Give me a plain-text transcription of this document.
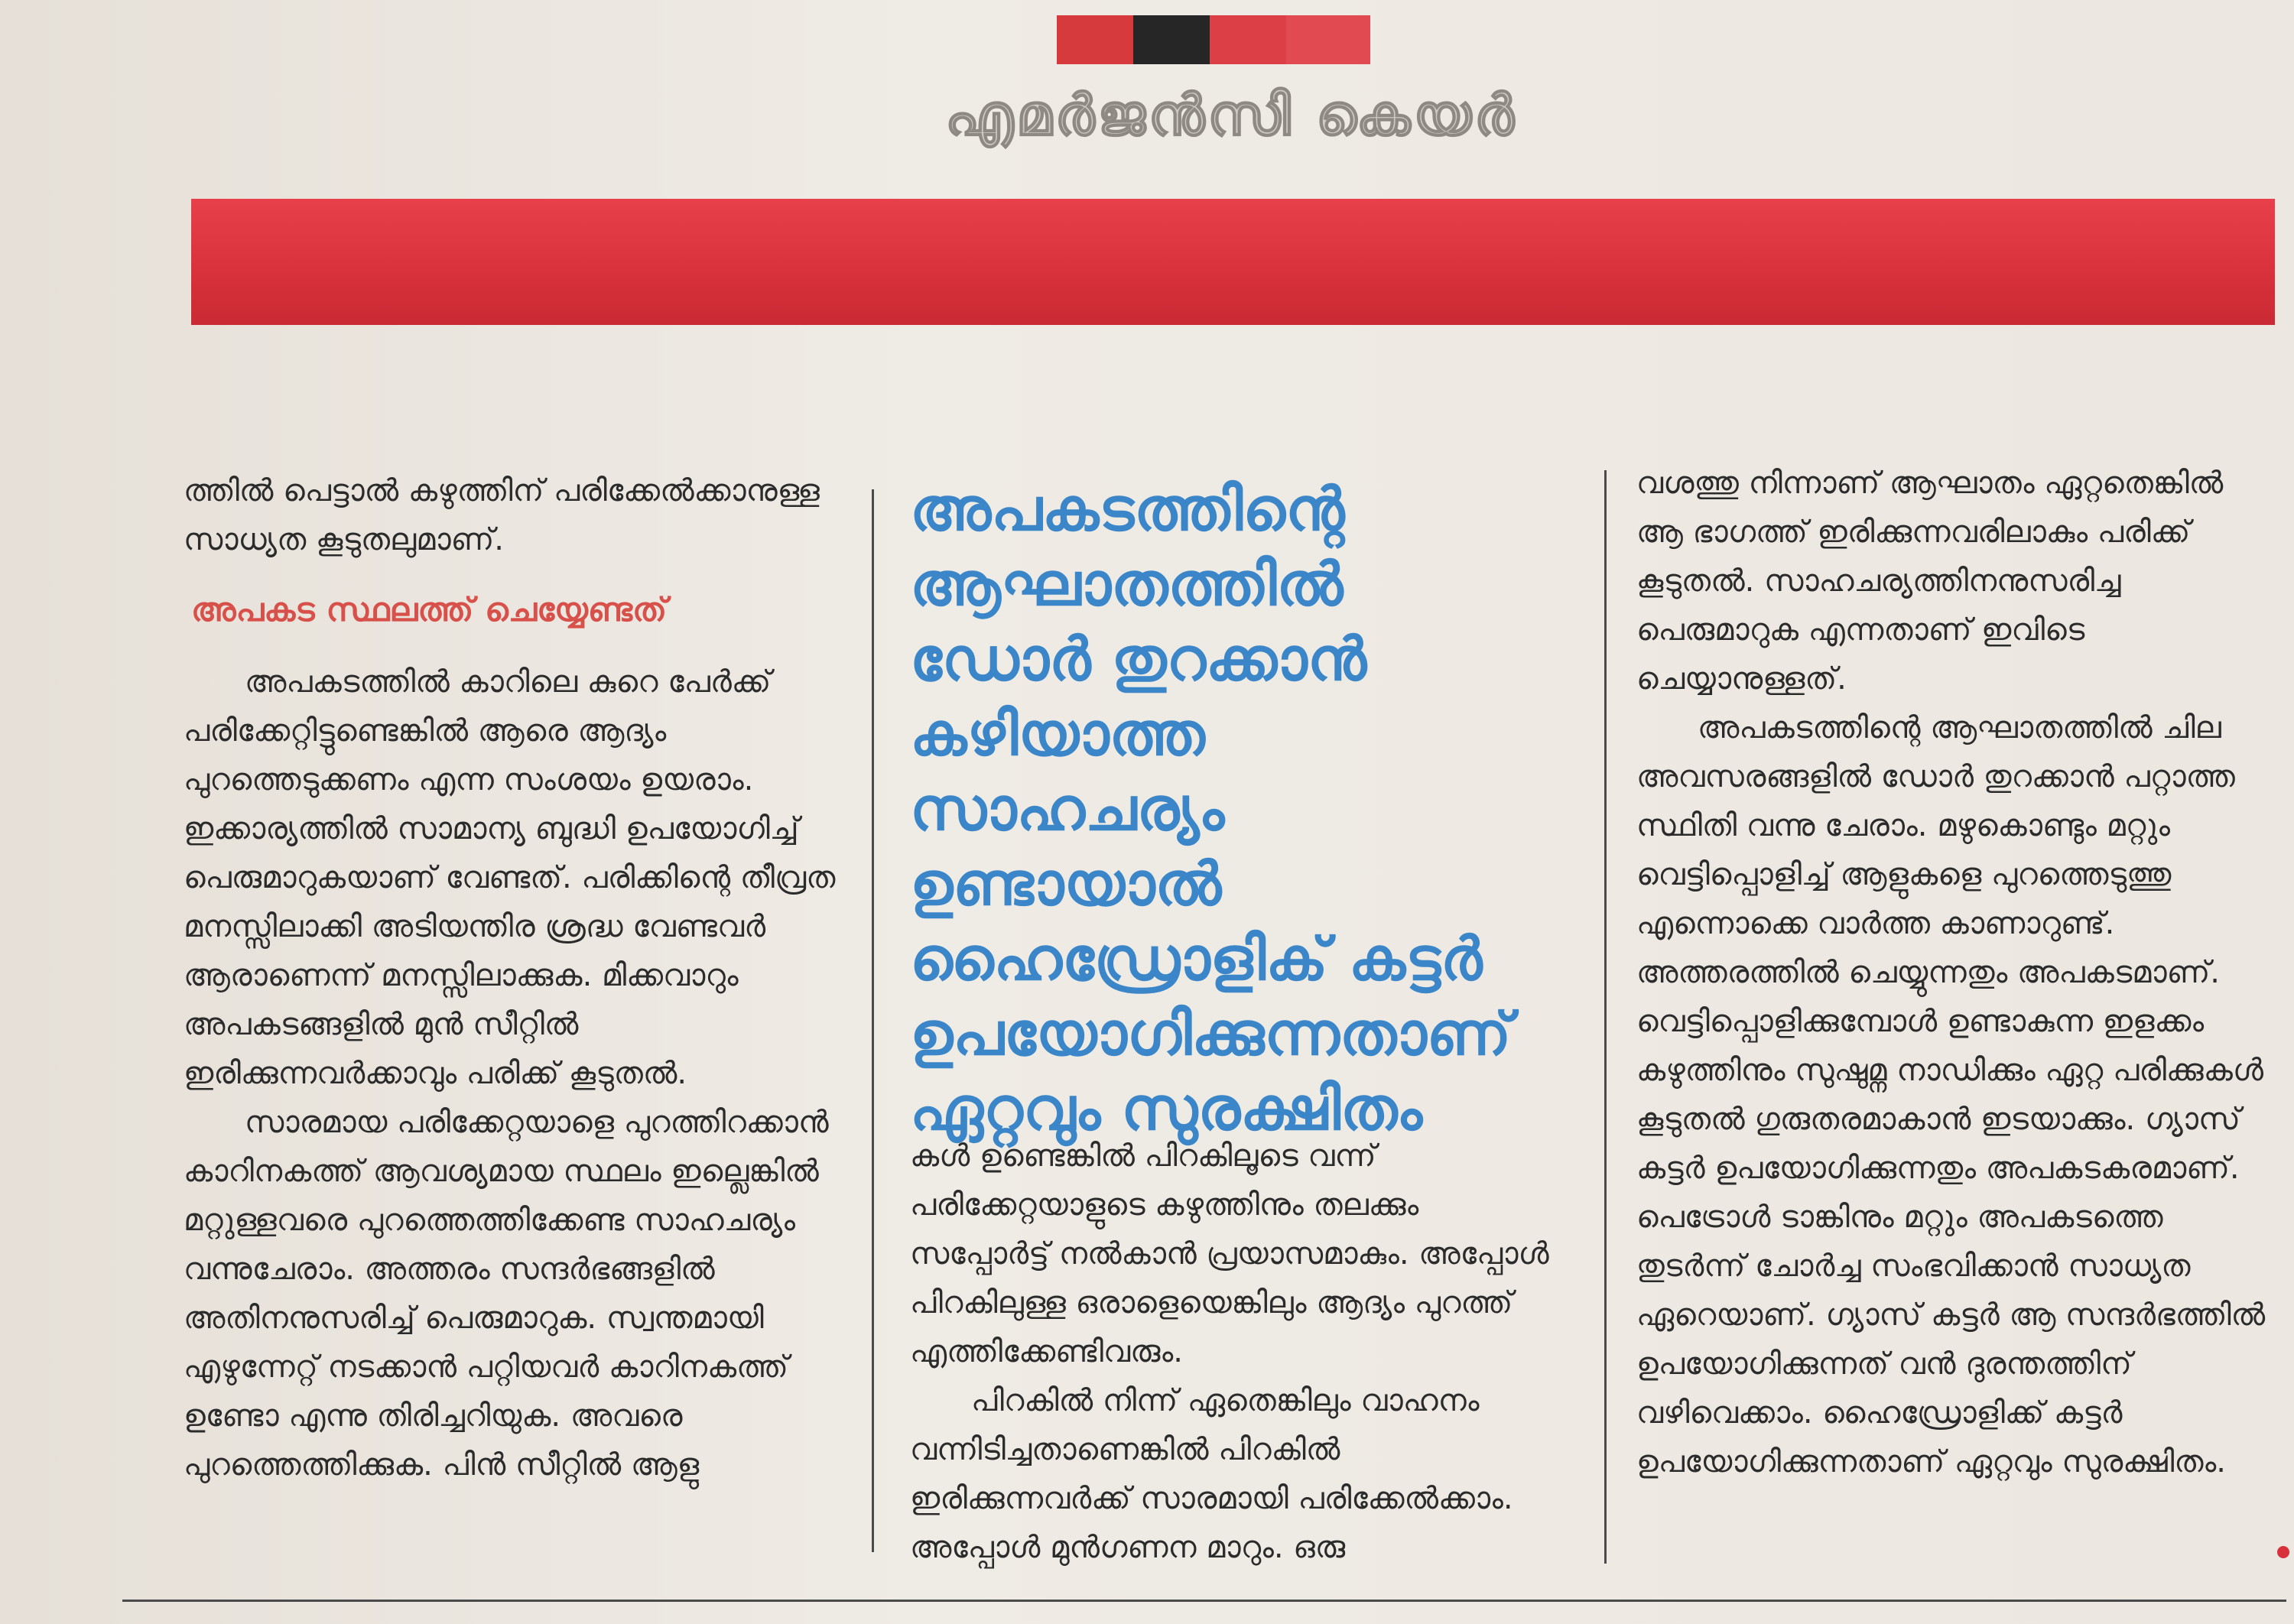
എമർജൻസി കെയർ

ത്തിൽ പെട്ടാൽ കഴുത്തിന് പരിക്കേൽക്കാനുള്ള സാധ്യത കൂടുതലുമാണ്.

അപകട സ്ഥലത്ത് ചെയ്യേണ്ടത്

അപകടത്തിൽ കാറിലെ കുറെ പേർക്ക് പരിക്കേറ്റിട്ടുണ്ടെങ്കിൽ ആരെ ആദ്യം പുറത്തെടുക്കണം എന്ന സംശയം ഉയരാം. ഇക്കാര്യത്തിൽ സാമാന്യ ബുദ്ധി ഉപയോഗിച്ച് പെരുമാറുകയാണ് വേണ്ടത്. പരിക്കിന്റെ തീവ്രത മനസ്സിലാക്കി അടിയന്തിര ശ്രദ്ധ വേണ്ടവർ ആരാണെന്ന് മനസ്സിലാക്കുക. മിക്കവാറും അപകടങ്ങളിൽ മുൻ സീറ്റിൽ ഇരിക്കുന്നവർക്കാവും പരിക്ക് കൂടുതൽ.

സാരമായ പരിക്കേറ്റയാളെ പുറത്തിറക്കാൻ കാറിനകത്ത് ആവശ്യമായ സ്ഥലം ഇല്ലെങ്കിൽ മറ്റുള്ളവരെ പുറത്തെത്തിക്കേണ്ട സാഹചര്യം വന്നുചേരാം. അത്തരം സന്ദർഭങ്ങളിൽ അതിനനുസരിച്ച് പെരുമാറുക. സ്വന്തമായി എഴുന്നേറ്റ് നടക്കാൻ പറ്റിയവർ കാറിനകത്ത് ഉണ്ടോ എന്നു തിരിച്ചറിയുക. അവരെ പുറത്തെത്തിക്കുക. പിൻ സീറ്റിൽ ആളു

അപകടത്തിന്റെ ആഘാതത്തിൽ ഡോർ തുറക്കാൻ കഴിയാത്ത സാഹചര്യം ഉണ്ടായാൽ ഹൈഡ്രോളിക് കട്ടർ ഉപയോഗിക്കുന്നതാണ് ഏറ്റവും സുരക്ഷിതം

കൾ ഉണ്ടെങ്കിൽ പിറകിലൂടെ വന്ന് പരിക്കേറ്റയാളുടെ കഴുത്തിനും തലക്കും സപ്പോർട്ട് നൽകാൻ പ്രയാസമാകും. അപ്പോൾ പിറകിലുള്ള ഒരാളെയെങ്കിലും ആദ്യം പുറത്ത് എത്തിക്കേണ്ടിവരും.

പിറകിൽ നിന്ന് ഏതെങ്കിലും വാഹനം വന്നിടിച്ചതാണെങ്കിൽ പിറകിൽ ഇരിക്കുന്നവർക്ക് സാരമായി പരിക്കേൽക്കാം. അപ്പോൾ മുൻഗണന മാറും. ഒരു

വശത്തു നിന്നാണ് ആഘാതം ഏറ്റതെങ്കിൽ ആ ഭാഗത്ത് ഇരിക്കുന്നവരിലാകും പരിക്ക് കൂടുതൽ. സാഹചര്യത്തിനനുസരിച്ച പെരുമാറുക എന്നതാണ് ഇവിടെ ചെയ്യാനുള്ളത്.

അപകടത്തിന്റെ ആഘാതത്തിൽ ചില അവസരങ്ങളിൽ ഡോർ തുറക്കാൻ പറ്റാത്ത സ്ഥിതി വന്നു ചേരാം. മഴുകൊണ്ടും മറ്റും വെട്ടിപ്പൊളിച്ച് ആളുകളെ പുറത്തെടുത്തു എന്നൊക്കെ വാർത്ത കാണാറുണ്ട്. അത്തരത്തിൽ ചെയ്യുന്നതും അപകടമാണ്. വെട്ടിപ്പൊളിക്കുമ്പോൾ ഉണ്ടാകുന്ന ഇളക്കം കഴുത്തിനും സുഷുമ്ന നാഡിക്കും ഏറ്റ പരിക്കുകൾ കൂടുതൽ ഗുരുതരമാകാൻ ഇടയാക്കും. ഗ്യാസ് കട്ടർ ഉപയോഗിക്കുന്നതും അപകടകരമാണ്. പെട്രോൾ ടാങ്കിനും മറ്റും അപകടത്തെ തുടർന്ന് ചോർച്ച സംഭവിക്കാൻ സാധ്യത ഏറെയാണ്. ഗ്യാസ് കട്ടർ ആ സന്ദർഭത്തിൽ ഉപയോഗിക്കുന്നത് വൻ ദുരന്തത്തിന് വഴിവെക്കാം. ഹൈഡ്രോളിക്ക് കട്ടർ ഉപയോഗിക്കുന്നതാണ് ഏറ്റവും സുരക്ഷിതം.
